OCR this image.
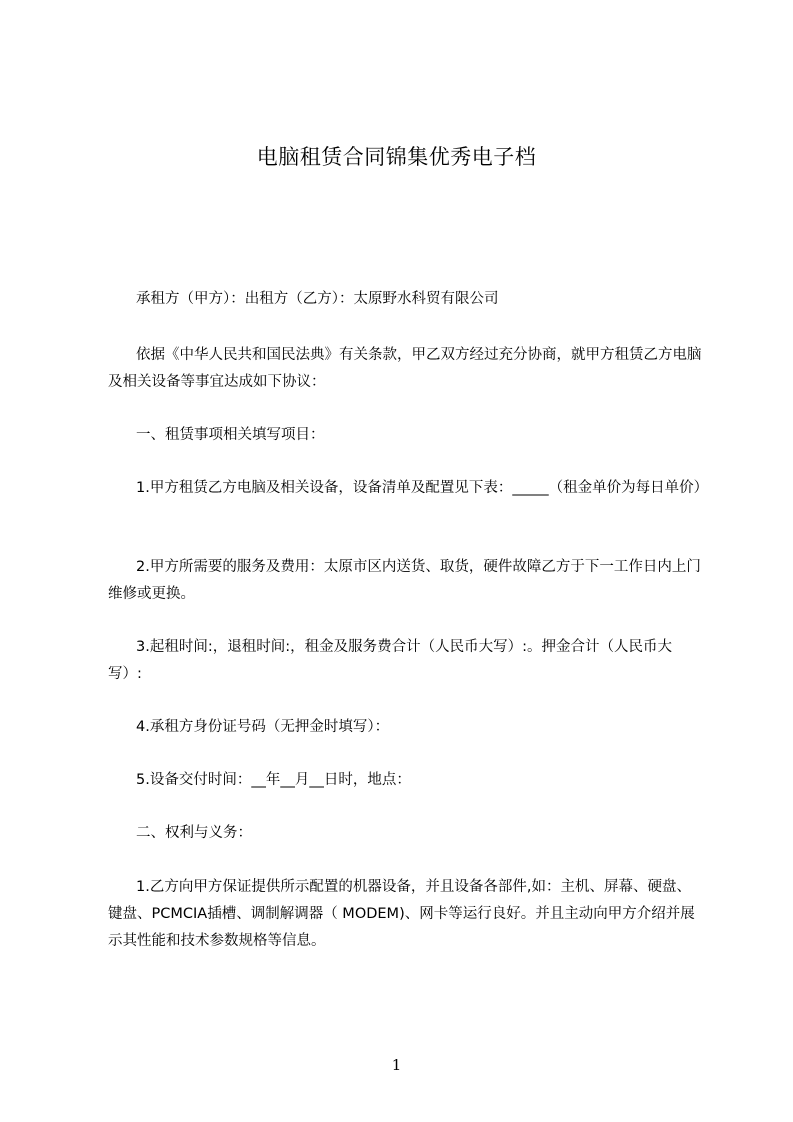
电脑租赁合同锦集优秀电子档

承租方（甲方）：出租方（乙方）：太原野水科贸有限公司

依据《中华人民共和国民法典》有关条款，甲乙双方经过充分协商，就甲方租赁乙方电脑及相关设备等事宜达成如下协议：

一、租赁事项相关填写项目：

1.甲方租赁乙方电脑及相关设备，设备清单及配置见下表：_____（租金单价为每日单价）

2.甲方所需要的服务及费用：太原市区内送货、取货，硬件故障乙方于下一工作日内上门维修或更换。

3.起租时间:，退租时间:，租金及服务费合计（人民币大写）:。押金合计（人民币大写）:

4.承租方身份证号码（无押金时填写）：

5.设备交付时间：__年__月__日时，地点：

二、权利与义务：

1.乙方向甲方保证提供所示配置的机器设备，并且设备各部件,如：主机、屏幕、硬盘、键盘、PCMCIA插槽、调制解调器（ MODEM)、网卡等运行良好。并且主动向甲方介绍并展示其性能和技术参数规格等信息。

1
